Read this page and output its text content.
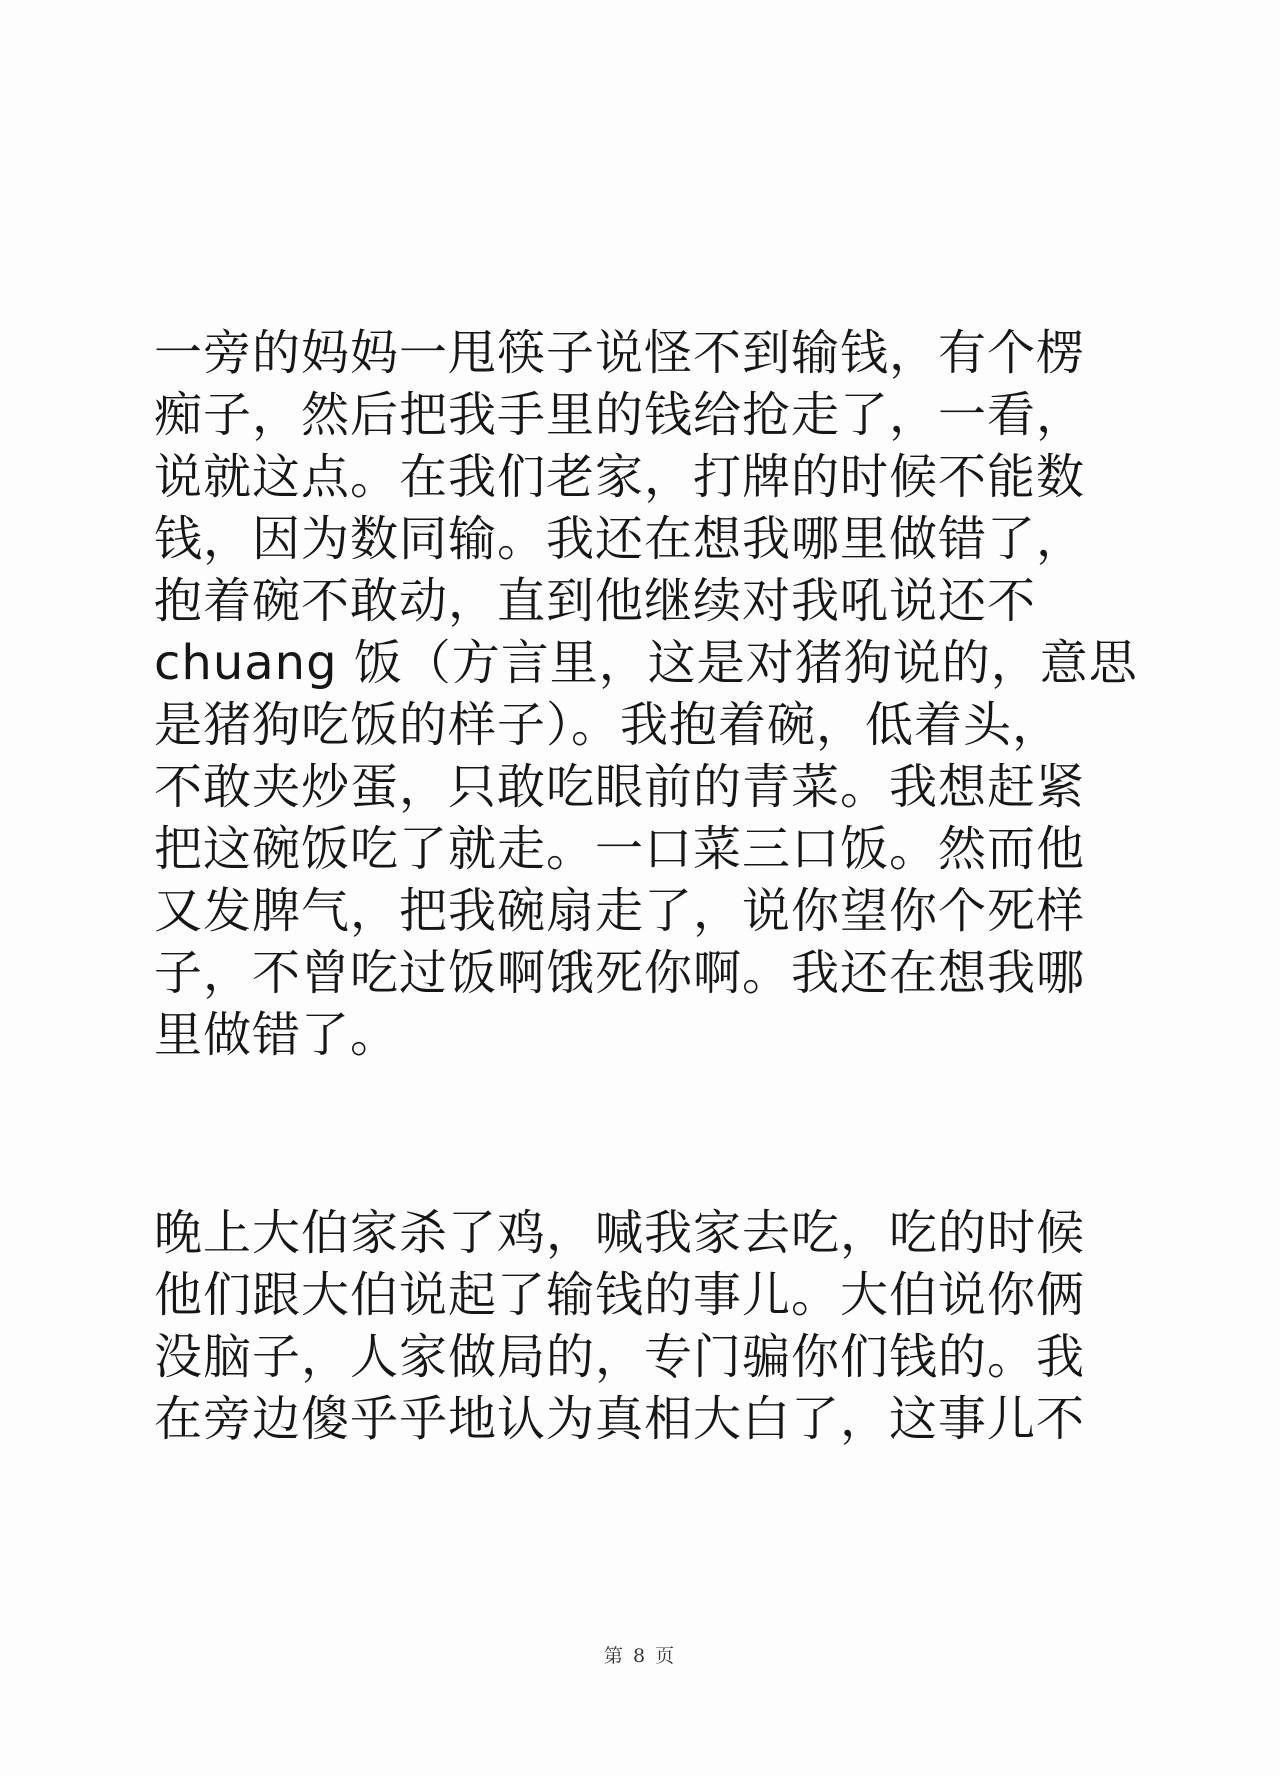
一旁的妈妈一甩筷子说怪不到输钱，有个楞
痴子，然后把我手里的钱给抢走了，一看，
说就这点。在我们老家，打牌的时候不能数
钱，因为数同输。我还在想我哪里做错了，
抱着碗不敢动，直到他继续对我吼说还不
chuang 饭（方言里，这是对猪狗说的，意思
是猪狗吃饭的样子）。我抱着碗，低着头，
不敢夹炒蛋，只敢吃眼前的青菜。我想赶紧
把这碗饭吃了就走。一口菜三口饭。然而他
又发脾气，把我碗扇走了，说你望你个死样
子，不曾吃过饭啊饿死你啊。我还在想我哪
里做错了。
晚上大伯家杀了鸡，喊我家去吃，吃的时候
他们跟大伯说起了输钱的事儿。大伯说你俩
没脑子，人家做局的，专门骗你们钱的。我
在旁边傻乎乎地认为真相大白了，这事儿不
第 8 页
